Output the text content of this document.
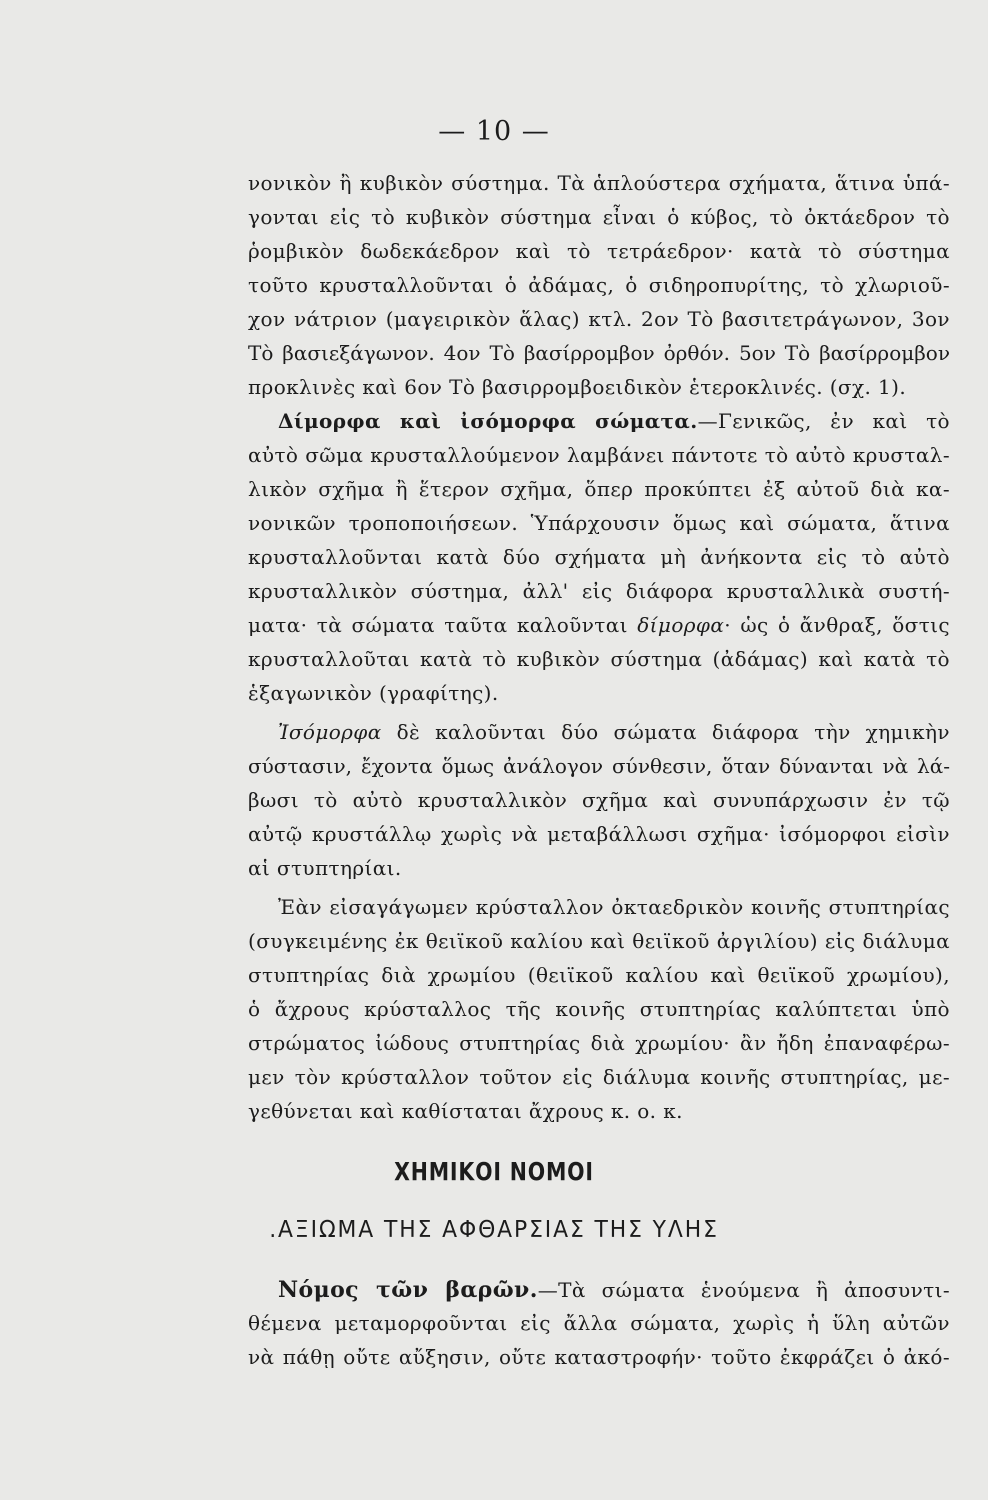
— 10 —
νονικὸν ἢ κυβικὸν σύστημα. Τὰ ἁπλούστερα σχήματα, ἅτινα ὑπά-
γονται εἰς τὸ κυβικὸν σύστημα εἶναι ὁ κύβος, τὸ ὀκτάεδρον τὸ
ῥομβικὸν δωδεκάεδρον καὶ τὸ τετράεδρον· κατὰ τὸ σύστημα
τοῦτο κρυσταλλοῦνται ὁ ἀδάμας, ὁ σιδηροπυρίτης, τὸ χλωριοῦ-
χον νάτριον (μαγειρικὸν ἅλας) κτλ. 2ον Τὸ βασιτετράγωνον, 3ον
Τὸ βασιεξάγωνον. 4ον Τὸ βασίρρομβον ὀρθόν. 5ον Τὸ βασίρρομβον
προκλινὲς καὶ 6ον Τὸ βασιρρομβοειδικὸν ἑτεροκλινές. (σχ. 1).
Δίμορφα καὶ ἰσόμορφα σώματα.—Γενικῶς, ἐν καὶ τὸ
αὐτὸ σῶμα κρυσταλλούμενον λαμβάνει πάντοτε τὸ αὐτὸ κρυσταλ-
λικὸν σχῆμα ἢ ἕτερον σχῆμα, ὅπερ προκύπτει ἐξ αὐτοῦ διὰ κα-
νονικῶν τροποποιήσεων. Ὑπάρχουσιν ὅμως καὶ σώματα, ἅτινα
κρυσταλλοῦνται κατὰ δύο σχήματα μὴ ἀνήκοντα εἰς τὸ αὐτὸ
κρυσταλλικὸν σύστημα, ἀλλ' εἰς διάφορα κρυσταλλικὰ συστή-
ματα· τὰ σώματα ταῦτα καλοῦνται δίμορφα· ὡς ὁ ἄνθραξ, ὅστις
κρυσταλλοῦται κατὰ τὸ κυβικὸν σύστημα (ἀδάμας) καὶ κατὰ τὸ
ἑξαγωνικὸν (γραφίτης).
Ἰσόμορφα δὲ καλοῦνται δύο σώματα διάφορα τὴν χημικὴν
σύστασιν, ἔχοντα ὅμως ἀνάλογον σύνθεσιν, ὅταν δύνανται νὰ λά-
βωσι τὸ αὐτὸ κρυσταλλικὸν σχῆμα καὶ συνυπάρχωσιν ἐν τῷ
αὐτῷ κρυστάλλῳ χωρὶς νὰ μεταβάλλωσι σχῆμα· ἰσόμορφοι εἰσὶν
αἱ στυπτηρίαι.
Ἐὰν εἰσαγάγωμεν κρύσταλλον ὀκταεδρικὸν κοινῆς στυπτηρίας
(συγκειμένης ἐκ θειϊκοῦ καλίου καὶ θειϊκοῦ ἀργιλίου) εἰς διάλυμα
στυπτηρίας διὰ χρωμίου (θειϊκοῦ καλίου καὶ θειϊκοῦ χρωμίου),
ὁ ἄχρους κρύσταλλος τῆς κοινῆς στυπτηρίας καλύπτεται ὑπὸ
στρώματος ἰώδους στυπτηρίας διὰ χρωμίου· ἂν ἤδη ἐπαναφέρω-
μεν τὸν κρύσταλλον τοῦτον εἰς διάλυμα κοινῆς στυπτηρίας, με-
γεθύνεται καὶ καθίσταται ἄχρους κ. ο. κ.
Νόμος τῶν βαρῶν.—Τὰ σώματα ἑνούμενα ἢ ἀποσυντι-
θέμενα μεταμορφοῦνται εἰς ἄλλα σώματα, χωρὶς ἡ ὕλη αὐτῶν
νὰ πάθῃ οὔτε αὔξησιν, οὔτε καταστροφήν· τοῦτο ἐκφράζει ὁ ἀκό-
ΧΗΜΙΚΟΙ ΝΟΜΟΙ
.ΑΞΙΩΜΑ ΤΗΣ ΑΦΘΑΡΣΙΑΣ ΤΗΣ ΥΛΗΣ
